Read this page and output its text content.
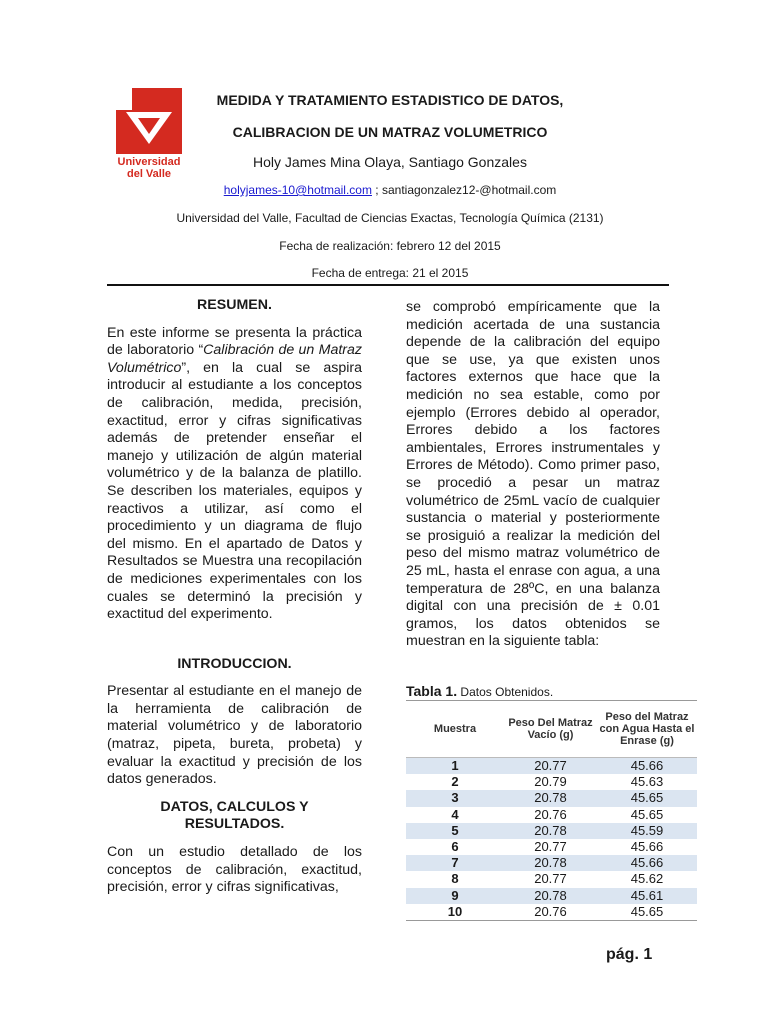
Universidad
del Valle
MEDIDA Y TRATAMIENTO ESTADISTICO DE DATOS,
CALIBRACION DE UN MATRAZ VOLUMETRICO
Holy James Mina Olaya, Santiago Gonzales
holyjames-10@hotmail.com ; santiagonzalez12-@hotmail.com
Universidad del Valle, Facultad de Ciencias Exactas, Tecnología Química (2131)
Fecha de realización: febrero 12 del 2015
Fecha de entrega: 21 el 2015

RESUMEN.

En este informe se presenta la práctica de laboratorio “Calibración de un Matraz Volumétrico”, en la cual se aspira introducir al estudiante a los conceptos de calibración, medida, precisión, exactitud, error y cifras significativas además de pretender enseñar el manejo y utilización de algún material volumétrico y de la balanza de platillo. Se describen los materiales, equipos y reactivos a utilizar, así como el procedimiento y un diagrama de flujo del mismo. En el apartado de Datos y Resultados se Muestra una recopilación de mediciones experimentales con los cuales se determinó la precisión y exactitud del experimento.

INTRODUCCION.

Presentar al estudiante en el manejo de la herramienta de calibración de material volumétrico y de laboratorio (matraz, pipeta, bureta, probeta) y evaluar la exactitud y precisión de los datos generados.

DATOS, CALCULOS Y RESULTADOS.

Con un estudio detallado de los conceptos de calibración, exactitud, precisión, error y cifras significativas,

se comprobó empíricamente que la medición acertada de una sustancia depende de la calibración del equipo que se use, ya que existen unos factores externos que hace que la medición no sea estable, como por ejemplo (Errores debido al operador, Errores debido a los factores ambientales, Errores instrumentales y Errores de Método). Como primer paso, se procedió a pesar un matraz volumétrico de 25mL vacío de cualquier sustancia o material y posteriormente se prosiguió a realizar la medición del peso del mismo matraz volumétrico de 25 mL, hasta el enrase con agua, a una temperatura de 28ºC, en una balanza digital con una precisión de ± 0.01 gramos, los datos obtenidos se muestran en la siguiente tabla:

Tabla 1. Datos Obtenidos.
Muestra	Peso Del Matraz Vacío (g)	Peso del Matraz con Agua Hasta el Enrase (g)
1	20.77	45.66
2	20.79	45.63
3	20.78	45.65
4	20.76	45.65
5	20.78	45.59
6	20.77	45.66
7	20.78	45.66
8	20.77	45.62
9	20.78	45.61
10	20.76	45.65
pág. 1
